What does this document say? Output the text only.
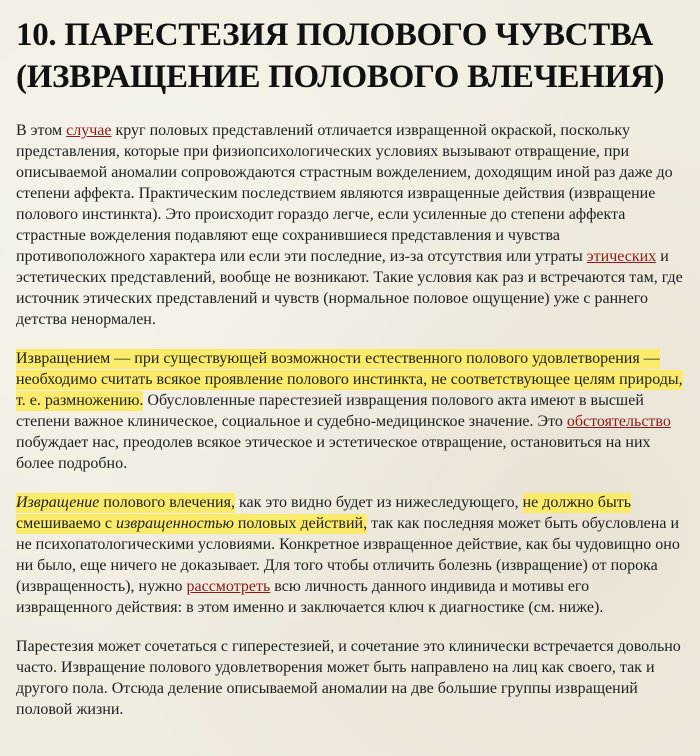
10. ПАРЕСТЕЗИЯ ПОЛОВОГО ЧУВСТВА (ИЗВРАЩЕНИЕ ПОЛОВОГО ВЛЕЧЕНИЯ)

В этом случае круг половых представлений отличается извращенной окраской, поскольку представления, которые при физиопсихологических условиях вызывают отвращение, при описываемой аномалии сопровождаются страстным вожделением, доходящим иной раз даже до степени аффекта. Практическим последствием являются извращенные действия (извращение полового инстинкта). Это происходит гораздо легче, если усиленные до степени аффекта страстные вожделения подавляют еще сохранившиеся представления и чувства противоположного характера или если эти последние, из-за отсутствия или утраты этических и эстетических представлений, вообще не возникают. Такие условия как раз и встречаются там, где источник этических представлений и чувств (нормальное половое ощущение) уже с раннего детства ненормален.

Извращением — при существующей возможности естественного полового удовлетворения — необходимо считать всякое проявление полового инстинкта, не соответствующее целям природы, т. е. размножению. Обусловленные парестезией извращения полового акта имеют в высшей степени важное клиническое, социальное и судебно-медицинское значение. Это обстоятельство побуждает нас, преодолев всякое этическое и эстетическое отвращение, остановиться на них более подробно.

Извращение полового влечения, как это видно будет из нижеследующего, не должно быть смешиваемо с извращенностью половых действий, так как последняя может быть обусловлена и не психопатологическими условиями. Конкретное извращенное действие, как бы чудовищно оно ни было, еще ничего не доказывает. Для того чтобы отличить болезнь (извращение) от порока (извращенность), нужно рассмотреть всю личность данного индивида и мотивы его извращенного действия: в этом именно и заключается ключ к диагностике (см. ниже).

Парестезия может сочетаться с гиперестезией, и сочетание это клинически встречается довольно часто. Извращение полового удовлетворения может быть направлено на лиц как своего, так и другого пола. Отсюда деление описываемой аномалии на две большие группы извращений половой жизни.
